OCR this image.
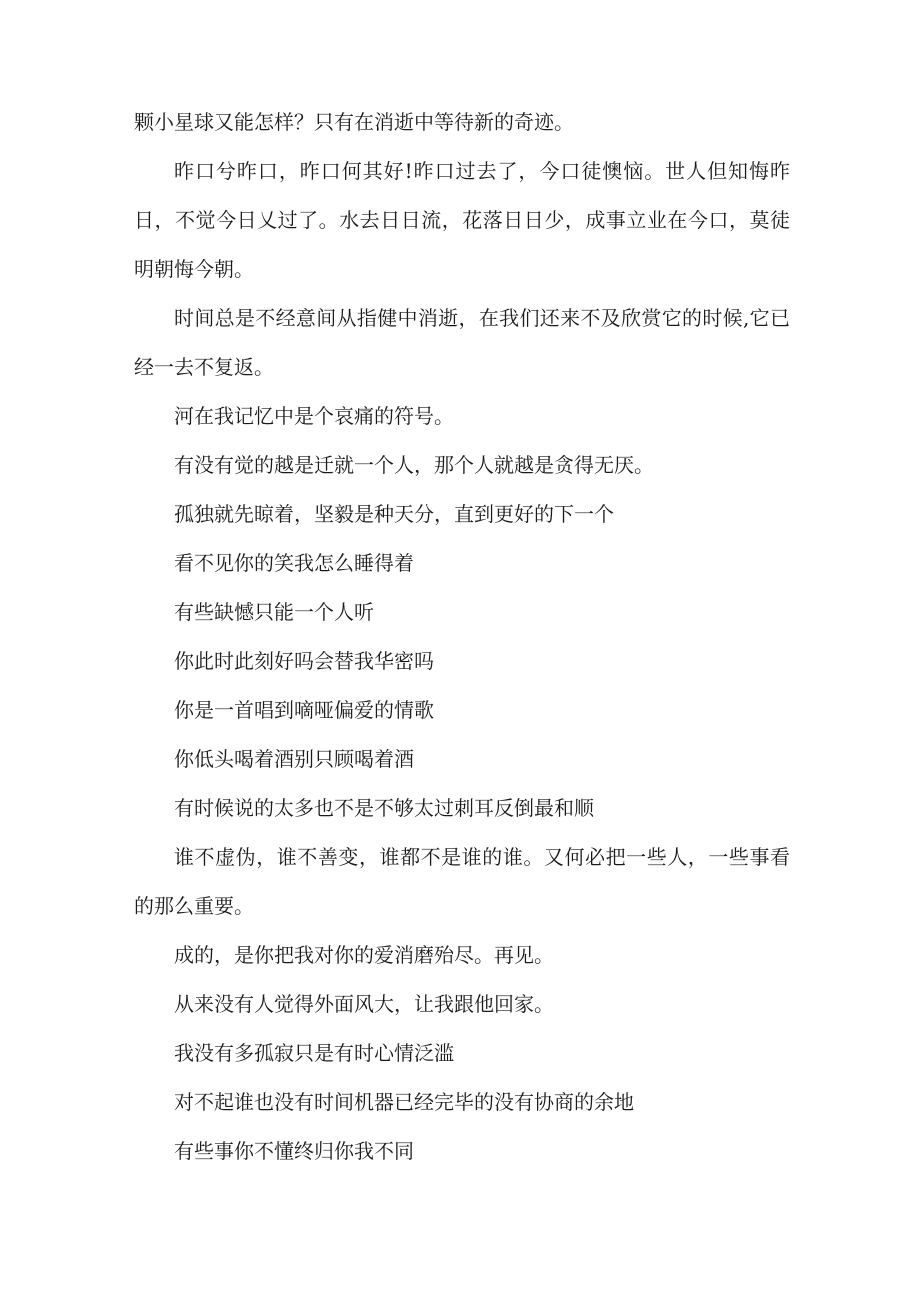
颗小星球又能怎样？只有在消逝中等待新的奇迹。

昨口兮昨口，昨口何其好!昨口过去了，今口徒懊恼。世人但知悔昨日，不觉今日乂过了。水去日日流，花落日日少，成事立业在今口，莫徒明朝悔今朝。

时间总是不经意间从指健中消逝，在我们还来不及欣赏它的时候,它已经一去不复返。

河在我记忆中是个哀痛的符号。

有没有觉的越是迁就一个人，那个人就越是贪得无厌。

孤独就先晾着，坚毅是种天分，直到更好的下一个

看不见你的笑我怎么睡得着

有些缺憾只能一个人听

你此时此刻好吗会替我华密吗

你是一首唱到嘀哑偏爱的情歌

你低头喝着酒别只顾喝着酒

有时候说的太多也不是不够太过刺耳反倒最和顺

谁不虚伪，谁不善变，谁都不是谁的谁。又何必把一些人，一些事看的那么重要。

成的，是你把我对你的爱消磨殆尽。再见。

从来没有人觉得外面风大，让我跟他回家。

我没有多孤寂只是有时心情泛滥

对不起谁也没有时间机器已经完毕的没有协商的余地

有些事你不懂终归你我不同
